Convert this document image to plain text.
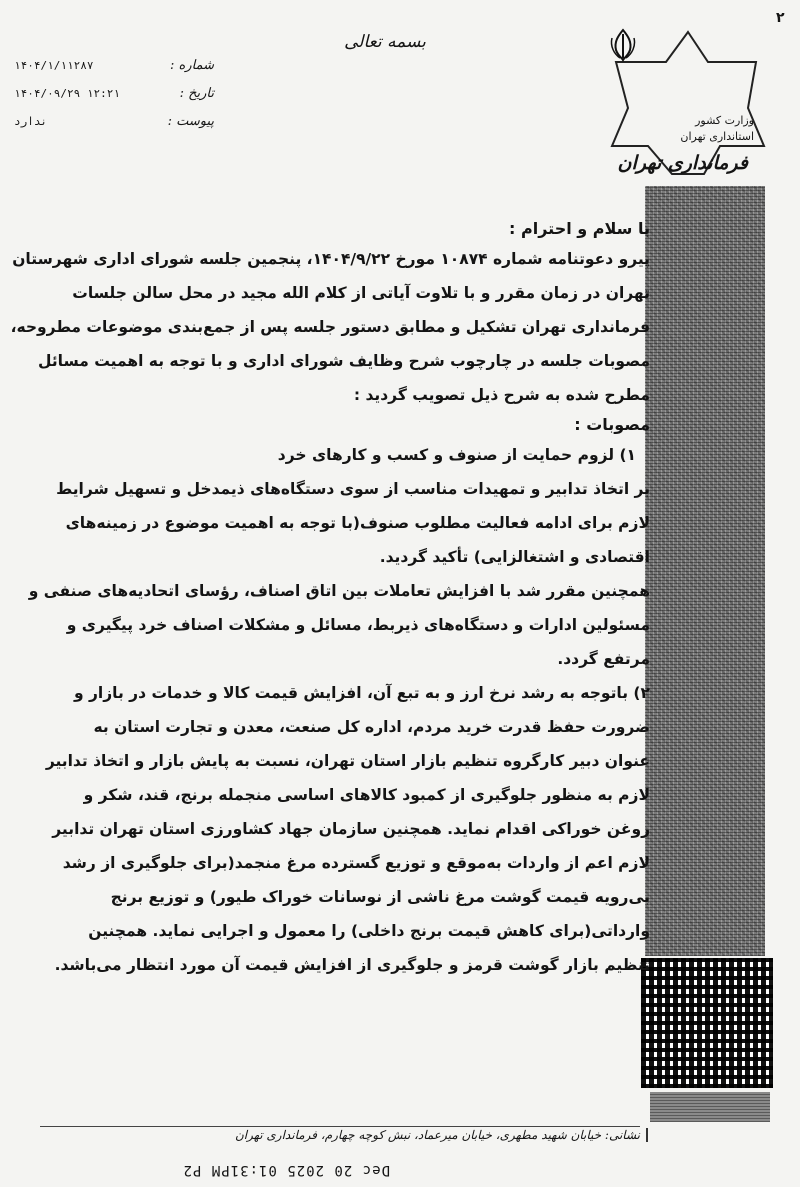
۲
بسمه تعالی
شماره :
۱۴۰۴/۱/۱۱۲۸۷
تاریخ :
۱۴۰۴/۰۹/۲۹ ۱۲:۲۱
پیوست :
ندارد	وزارت کشور
استانداری تهران
فرمانداری تهران
با سلام و احترام :
پیرو دعوتنامه شماره ۱۰۸۷۴ مورخ ۱۴۰۴/۹/۲۲، پنجمین جلسه شورای اداری شهرستان
تهران در زمان مقرر و با تلاوت آیاتی از کلام الله مجید در محل سالن جلسات
فرمانداری تهران تشکیل و مطابق دستور جلسه پس از جمع‌بندی موضوعات مطروحه،
مصوبات جلسه در چارچوب شرح وظایف شورای اداری و با توجه به اهمیت مسائل
مطرح شده به شرح ذیل تصویب گردید :
مصوبات :
۱) لزوم حمایت از صنوف و کسب و کارهای خرد
بر اتخاذ تدابیر و تمهیدات مناسب از سوی دستگاه‌های ذیمدخل و تسهیل شرایط
لازم برای ادامه فعالیت مطلوب صنوف(با توجه به اهمیت موضوع در زمینه‌های
اقتصادی و اشتغالزایی) تأکید گردید.
همچنین مقرر شد با افزایش تعاملات بین اتاق اصناف، رؤسای اتحادیه‌های صنفی و
مسئولین ادارات و دستگاه‌های ذیربط، مسائل و مشکلات اصناف خرد پیگیری و
مرتفع گردد.
۲) باتوجه به رشد نرخ ارز و به تبع آن، افزایش قیمت کالا و خدمات در بازار و
ضرورت حفظ قدرت خرید مردم، اداره کل صنعت، معدن و تجارت استان به
عنوان دبیر کارگروه تنظیم بازار استان تهران، نسبت به پایش بازار و اتخاذ تدابیر
لازم به منظور جلوگیری از کمبود کالاهای اساسی منجمله برنج، قند، شکر و
روغن خوراکی اقدام نماید. همچنین سازمان جهاد کشاورزی استان تهران تدابیر
لازم اعم از واردات به‌موقع و توزیع گسترده مرغ منجمد(برای جلوگیری از رشد
بی‌رویه قیمت گوشت مرغ ناشی از نوسانات خوراک طیور) و توزیع برنج
وارداتی(برای کاهش قیمت برنج داخلی) را معمول و اجرایی نماید. همچنین
تنظیم بازار گوشت قرمز و جلوگیری از افزایش قیمت آن مورد انتظار می‌باشد.
نشانی: خیابان شهید مطهری، خیابان میرعماد، نبش کوچه چهارم، فرمانداری تهران
Dec 20 2025 01:31PM P2
